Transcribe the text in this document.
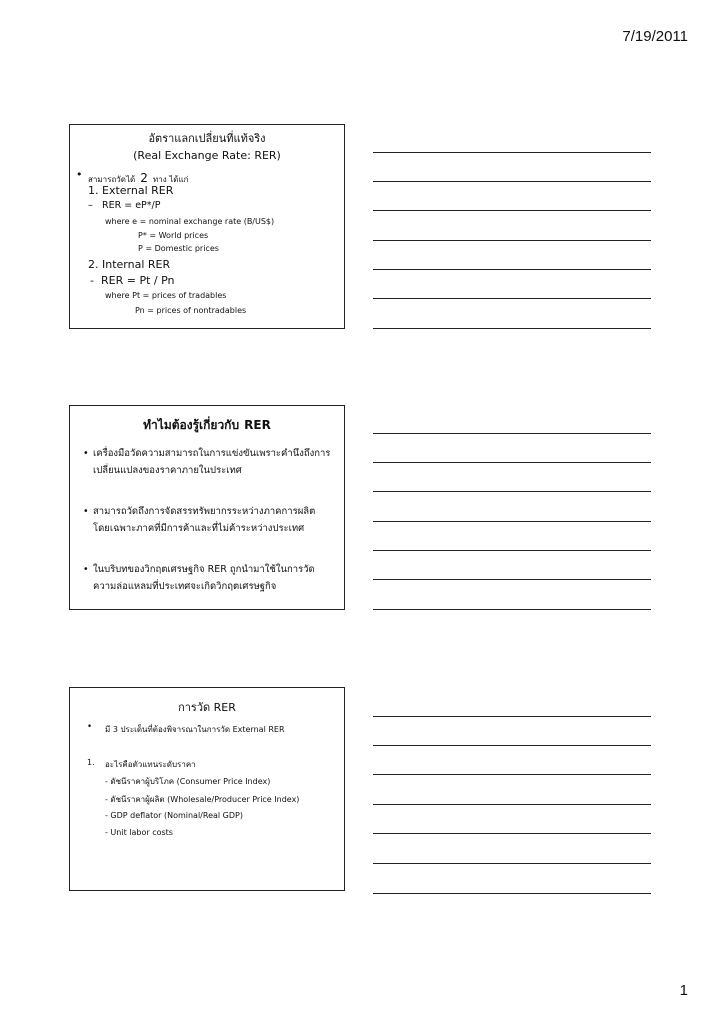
7/19/2011
อัตราแลกเปลี่ยนที่แท้จริง
(Real Exchange Rate: RER)
• สามารถวัดได้ 2 ทาง ได้แก่
1. External RER
– RER = eP*/P
where e = nominal exchange rate (B/US$)
P* = World prices
P = Domestic prices
2. Internal RER
- RER = Pt / Pn
where Pt = prices of tradables
Pn = prices of nontradables
ทำไมต้องรู้เกี่ยวกับ RER
• เครื่องมือวัดความสามารถในการแข่งขันเพราะคำนึงถึงการ
เปลี่ยนแปลงของราคาภายในประเทศ
• สามารถวัดถึงการจัดสรรทรัพยากรระหว่างภาคการผลิต
โดยเฉพาะภาคที่มีการค้าและที่ไม่ค้าระหว่างประเทศ
• ในบริบทของวิกฤตเศรษฐกิจ RER ถูกนำมาใช้ในการวัด
ความล่อแหลมที่ประเทศจะเกิดวิกฤตเศรษฐกิจ
การวัด RER
• มี 3 ประเด็นที่ต้องพิจารณาในการวัด External RER
1. อะไรคือตัวแทนระดับราคา
- ดัชนีราคาผู้บริโภค (Consumer Price Index)
- ดัชนีราคาผู้ผลิต (Wholesale/Producer Price Index)
- GDP deflator (Nominal/Real GDP)
- Unit labor costs
1
